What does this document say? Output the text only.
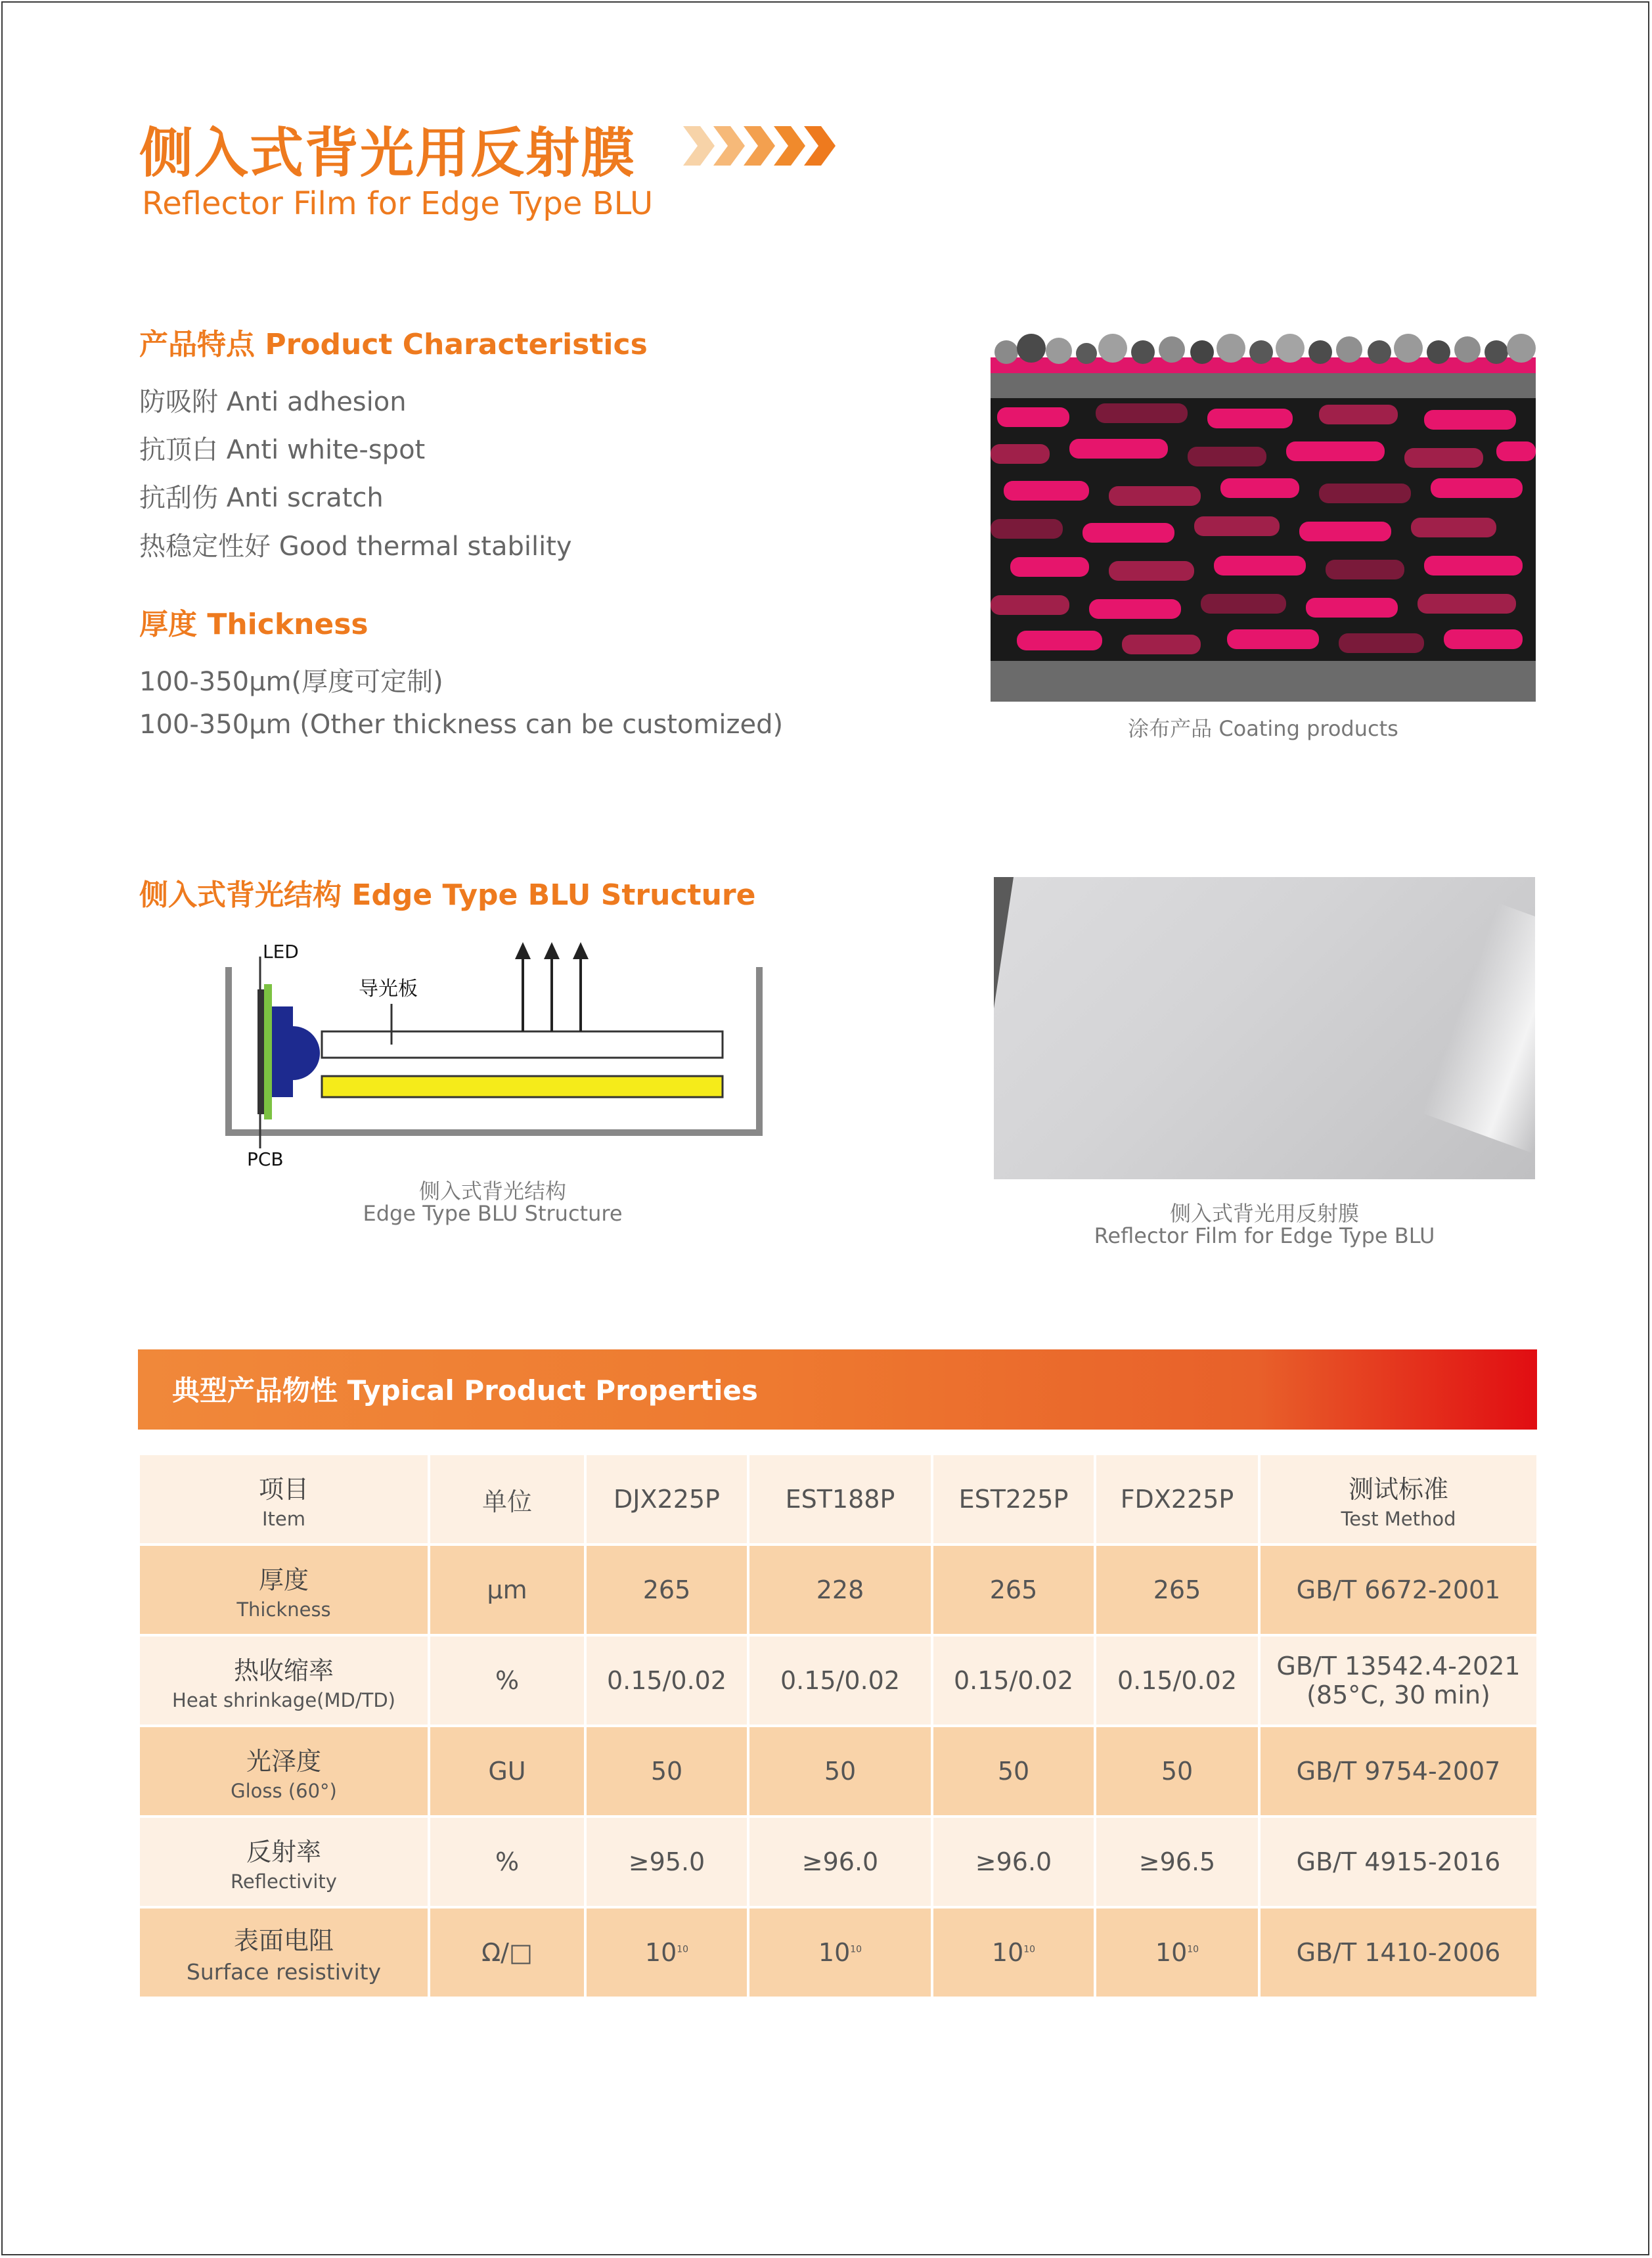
侧入式背光用反射膜
Reflector Film for Edge Type BLU
产品特点 Product Characteristics
防吸附 Anti adhesion
抗顶白 Anti white-spot
抗刮伤 Anti scratch
热稳定性好 Good thermal stability
厚度 Thickness
100-350μm(厚度可定制)
100-350μm (Other thickness can be customized)	涂布产品 Coating products
侧入式背光结构 Edge Type BLU Structure
LED
导光板
PCB
侧入式背光结构
Edge Type BLU Structure	侧入式背光用反射膜
Reflector Film for Edge Type BLU
典型产品物性 Typical Product Properties
项目
Item	单位	DJX225P	EST188P	EST225P	FDX225P	测试标准
Test Method

厚度
Thickness	μm	265	228	265	265	GB/T 6672-2001

热收缩率
Heat shrinkage(MD/TD)	%	0.15/0.02	0.15/0.02	0.15/0.02	0.15/0.02	GB/T 13542.4-2021
(85°C, 30 min)

光泽度
Gloss (60°)	GU	50	50	50	50	GB/T 9754-2007

反射率
Reflectivity	%	≥95.0	≥96.0	≥96.0	≥96.5	GB/T 4915-2016

表面电阻
Surface resistivity	Ω/□	$10^{10}$	$10^{10}$	$10^{10}$	$10^{10}$	GB/T 1410-2006
